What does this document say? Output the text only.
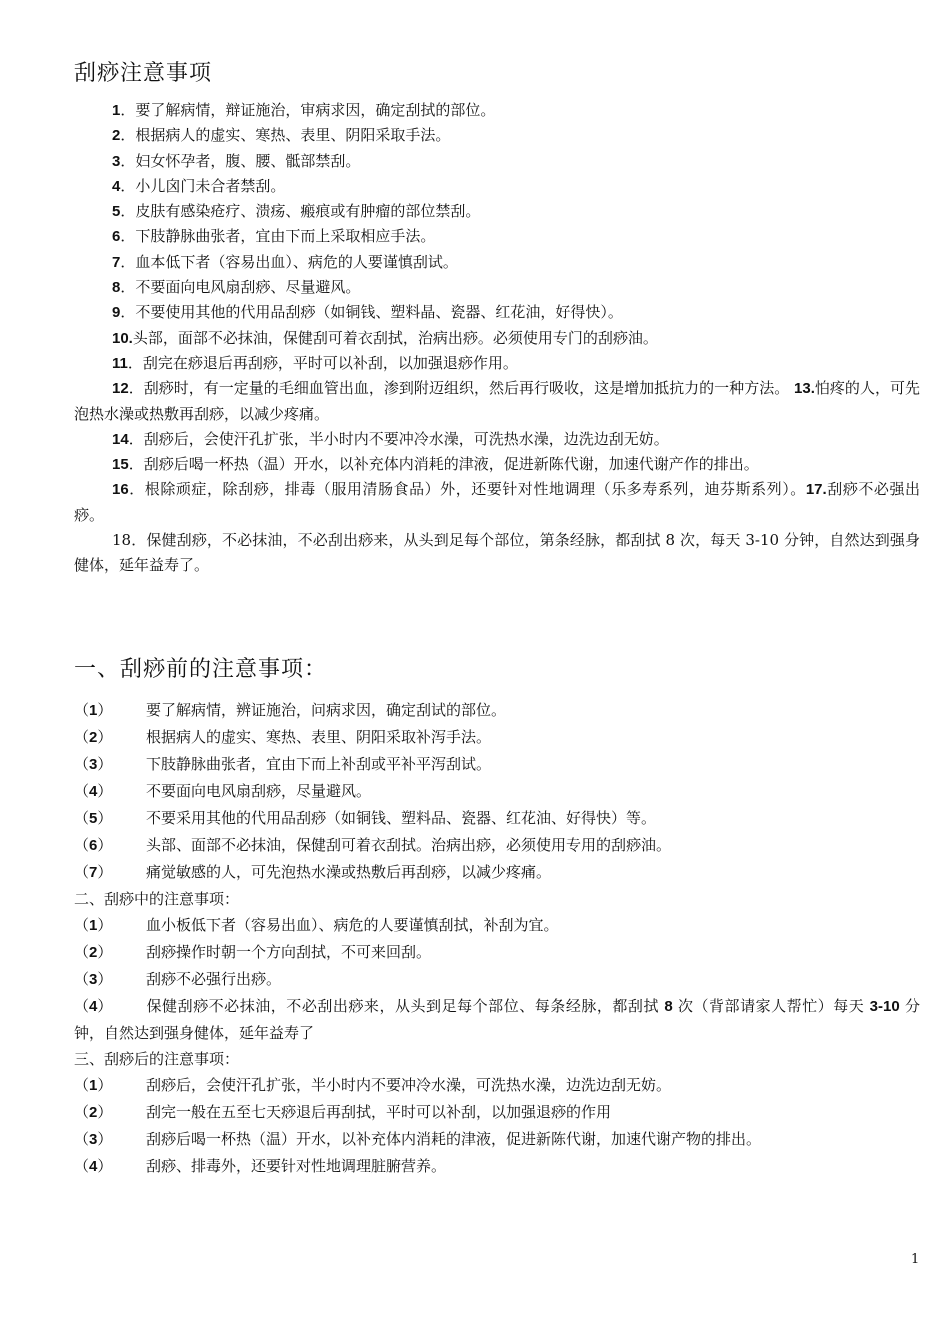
刮痧注意事项

1．要了解病情，辩证施治，审病求因，确定刮拭的部位。

2．根据病人的虚实、寒热、表里、阴阳采取手法。

3．妇女怀孕者，腹、腰、骶部禁刮。

4．小儿囟门未合者禁刮。

5．皮肤有感染疮疗、溃疡、瘢痕或有肿瘤的部位禁刮。

6．下肢静脉曲张者，宜由下而上采取相应手法。

7．血本低下者（容易出血）、病危的人要谨慎刮试。

8．不要面向电风扇刮痧、尽量避风。

9．不要使用其他的代用品刮痧（如铜钱、塑料晶、瓷器、红花油，好得快）。

10.头部，面部不必抹油，保健刮可着衣刮拭，治病出痧。必须使用专门的刮痧油。

11．刮完在痧退后再刮痧，平时可以补刮，以加强退痧作用。

12．刮痧时，有一定量的毛细血管出血，渗到附迈组织，然后再行吸收，这是增加抵抗力的一种方法。 13.怕疼的人，可先泡热水澡或热敷再刮痧，以减少疼痛。

14．刮痧后，会使汗孔扩张，半小时内不要冲冷水澡，可洗热水澡，边洗边刮无妨。

15．刮痧后喝一杯热（温）开水，以补充体内消耗的津液，促进新陈代谢，加速代谢产作的排出。

16．根除顽症，除刮痧，排毒（服用清肠食品）外，还要针对性地调理（乐多寿系列，迪芬斯系列）。17.刮痧不必强出痧。

18．保健刮痧，不必抹油，不必刮出痧来，从头到足每个部位，第条经脉，都刮拭 8 次，每天 3-10 分钟，自然达到强身健体，延年益寿了。

一、刮痧前的注意事项：
（1）	要了解病情，辨证施治，问病求因，确定刮试的部位。
（2）	根据病人的虚实、寒热、表里、阴阳采取补泻手法。
（3）	下肢静脉曲张者，宜由下而上补刮或平补平泻刮试。
（4）	不要面向电风扇刮痧，尽量避风。
（5）	不要采用其他的代用品刮痧（如铜钱、塑料品、瓷器、红花油、好得快）等。
（6）	头部、面部不必抹油，保健刮可着衣刮拭。治病出痧，必须使用专用的刮痧油。
（7）	痛觉敏感的人，可先泡热水澡或热敷后再刮痧，以减少疼痛。
二、刮痧中的注意事项：
（1）	血小板低下者（容易出血）、病危的人要谨慎刮拭，补刮为宜。
（2）	刮痧操作时朝一个方向刮拭，不可来回刮。
（3）	刮痧不必强行出痧。
（4） 保健刮痧不必抹油，不必刮出痧来，从头到足每个部位、每条经脉，都刮拭 8 次（背部请家人帮忙）每天 3-10 分钟，自然达到强身健体，延年益寿了
三、刮痧后的注意事项：
（1）	刮痧后，会使汗孔扩张，半小时内不要冲冷水澡，可洗热水澡，边洗边刮无妨。
（2）	刮完一般在五至七天痧退后再刮拭，平时可以补刮，以加强退痧的作用
（3）	刮痧后喝一杯热（温）开水，以补充体内消耗的津液，促进新陈代谢，加速代谢产物的排出。
（4）	刮痧、排毒外，还要针对性地调理脏腑营养。
1
